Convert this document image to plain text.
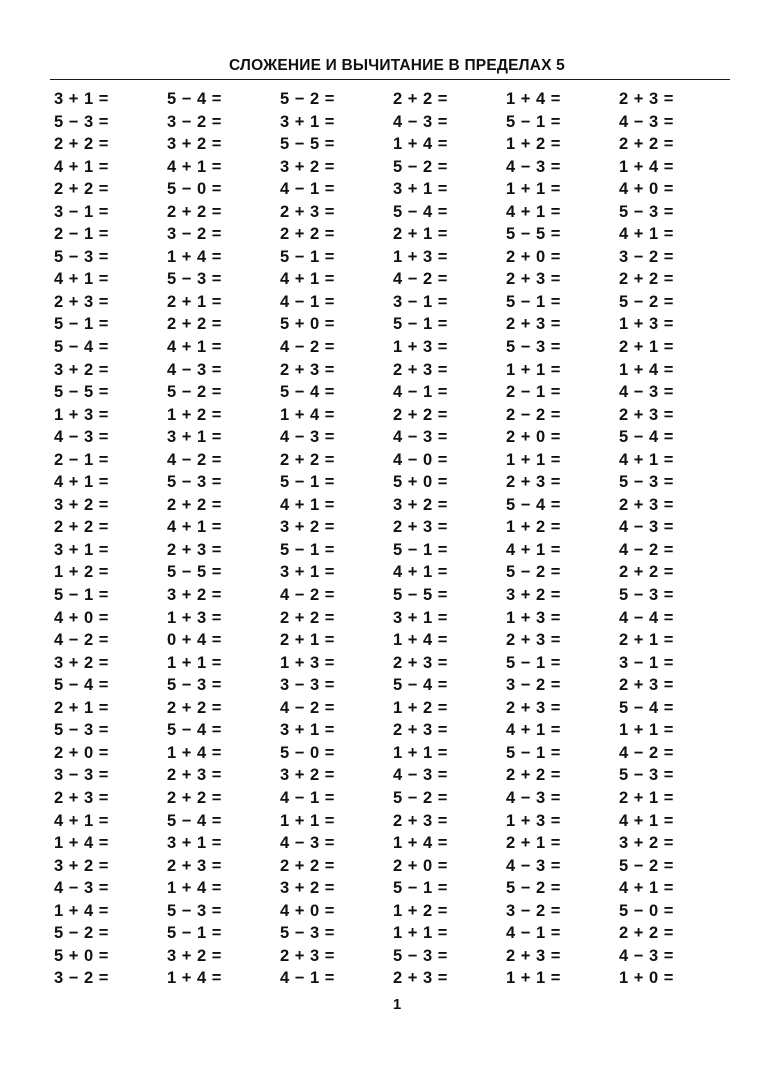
СЛОЖЕНИЕ И ВЫЧИТАНИЕ В ПРЕДЕЛАХ 5
3 + 1 =	5 − 4 =	5 − 2 =	2 + 2 =	1 + 4 =	2 + 3 =
5 − 3 =	3 − 2 =	3 + 1 =	4 − 3 =	5 − 1 =	4 − 3 =
2 + 2 =	3 + 2 =	5 − 5 =	1 + 4 =	1 + 2 =	2 + 2 =
4 + 1 =	4 + 1 =	3 + 2 =	5 − 2 =	4 − 3 =	1 + 4 =
2 + 2 =	5 − 0 =	4 − 1 =	3 + 1 =	1 + 1 =	4 + 0 =
3 − 1 =	2 + 2 =	2 + 3 =	5 − 4 =	4 + 1 =	5 − 3 =
2 − 1 =	3 − 2 =	2 + 2 =	2 + 1 =	5 − 5 =	4 + 1 =
5 − 3 =	1 + 4 =	5 − 1 =	1 + 3 =	2 + 0 =	3 − 2 =
4 + 1 =	5 − 3 =	4 + 1 =	4 − 2 =	2 + 3 =	2 + 2 =
2 + 3 =	2 + 1 =	4 − 1 =	3 − 1 =	5 − 1 =	5 − 2 =
5 − 1 =	2 + 2 =	5 + 0 =	5 − 1 =	2 + 3 =	1 + 3 =
5 − 4 =	4 + 1 =	4 − 2 =	1 + 3 =	5 − 3 =	2 + 1 =
3 + 2 =	4 − 3 =	2 + 3 =	2 + 3 =	1 + 1 =	1 + 4 =
5 − 5 =	5 − 2 =	5 − 4 =	4 − 1 =	2 − 1 =	4 − 3 =
1 + 3 =	1 + 2 =	1 + 4 =	2 + 2 =	2 − 2 =	2 + 3 =
4 − 3 =	3 + 1 =	4 − 3 =	4 − 3 =	2 + 0 =	5 − 4 =
2 − 1 =	4 − 2 =	2 + 2 =	4 − 0 =	1 + 1 =	4 + 1 =
4 + 1 =	5 − 3 =	5 − 1 =	5 + 0 =	2 + 3 =	5 − 3 =
3 + 2 =	2 + 2 =	4 + 1 =	3 + 2 =	5 − 4 =	2 + 3 =
2 + 2 =	4 + 1 =	3 + 2 =	2 + 3 =	1 + 2 =	4 − 3 =
3 + 1 =	2 + 3 =	5 − 1 =	5 − 1 =	4 + 1 =	4 − 2 =
1 + 2 =	5 − 5 =	3 + 1 =	4 + 1 =	5 − 2 =	2 + 2 =
5 − 1 =	3 + 2 =	4 − 2 =	5 − 5 =	3 + 2 =	5 − 3 =
4 + 0 =	1 + 3 =	2 + 2 =	3 + 1 =	1 + 3 =	4 − 4 =
4 − 2 =	0 + 4 =	2 + 1 =	1 + 4 =	2 + 3 =	2 + 1 =
3 + 2 =	1 + 1 =	1 + 3 =	2 + 3 =	5 − 1 =	3 − 1 =
5 − 4 =	5 − 3 =	3 − 3 =	5 − 4 =	3 − 2 =	2 + 3 =
2 + 1 =	2 + 2 =	4 − 2 =	1 + 2 =	2 + 3 =	5 − 4 =
5 − 3 =	5 − 4 =	3 + 1 =	2 + 3 =	4 + 1 =	1 + 1 =
2 + 0 =	1 + 4 =	5 − 0 =	1 + 1 =	5 − 1 =	4 − 2 =
3 − 3 =	2 + 3 =	3 + 2 =	4 − 3 =	2 + 2 =	5 − 3 =
2 + 3 =	2 + 2 =	4 − 1 =	5 − 2 =	4 − 3 =	2 + 1 =
4 + 1 =	5 − 4 =	1 + 1 =	2 + 3 =	1 + 3 =	4 + 1 =
1 + 4 =	3 + 1 =	4 − 3 =	1 + 4 =	2 + 1 =	3 + 2 =
3 + 2 =	2 + 3 =	2 + 2 =	2 + 0 =	4 − 3 =	5 − 2 =
4 − 3 =	1 + 4 =	3 + 2 =	5 − 1 =	5 − 2 =	4 + 1 =
1 + 4 =	5 − 3 =	4 + 0 =	1 + 2 =	3 − 2 =	5 − 0 =
5 − 2 =	5 − 1 =	5 − 3 =	1 + 1 =	4 − 1 =	2 + 2 =
5 + 0 =	3 + 2 =	2 + 3 =	5 − 3 =	2 + 3 =	4 − 3 =
3 − 2 =	1 + 4 =	4 − 1 =	2 + 3 =	1 + 1 =	1 + 0 =
1
